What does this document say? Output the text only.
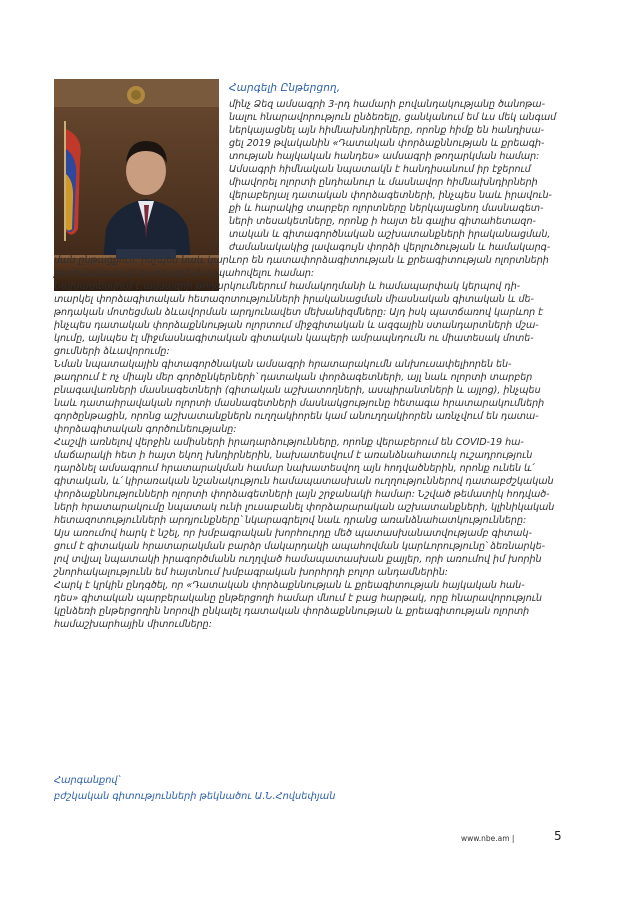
Հարգելի Ընթերցող,
մինչ Ձեզ ամսագրի 3-րդ համարի բովանդակությանը ծանոթա-
նալու հնարավորություն ընձեռելը, ցանկանում եմ ևս մեկ անգամ
ներկայացնել այն հիմնախնդիրները, որոնք հիմք են հանդիսա-
ցել 2019 թվականին «Դատական փորձաքննության և քրեագի-
տության հայկական հանդես» ամսագրի թողարկման համար:
Ամսագրի հիմնական նպատակն է հանդիսանում իր էջերում
միավորել ոլորտի ընդհանուր և մասնավոր հիմնախնդիրների
վերաբերյալ դատական փորձագետների, ինչպես նաև իրավուն-
քի և հարակից տարբեր ոլորտները ներկայացնող մասնագետ-
ների տեսակետները, որոնք ի հայտ են գալիս գիտահետազո-
տական և գիտագործնական աշխատանքների իրականացման,
ժամանակակից լավագույն փորձի վերլուծության և համակարգ-
ման ընթացքում, ինչպես նաև կարևոր են դատափորձագիտության և քրեագիտության ոլորտների
շարունակական զարգացման ապահովելու համար:
Նախատեսվում է ամսագրի թողարկումներում համակողմանի և համապարփակ կերպով դի-
տարկել փորձագիտական հետազոտությունների իրականացման միասնական գիտական և մե-
թոդական մոտեցման ձևավորման արդյունավետ մեխանիզմները: Այդ իսկ պատճառով կարևոր է
ինչպես դատական փորձաքննության ոլորտում միջգիտական և ազգային ստանդարտների մշա-
կումը, այնպես էլ միջմասնագիտական գիտական կապերի ամրապնդումն ու միատեսակ մոտե-
ցումների ձևավորումը:
Նման նպատակային գիտագործնական ամսագրի հրատարակումն անխուսափելիորեն են-
թադրում է ոչ միայն մեր գործընկերների՝ դատական փորձագետների, այլ նաև ոլորտի տարբեր
բնագավառների մասնագետների (գիտական աշխատողների, ասպիրանտների և այլոց), ինչպես
նաև դատաիրավական ոլորտի մասնագետների մասնակցությունը հետագա հրատարակումների
գործընթացին, որոնց աշխատանքներն ուղղակիորեն կամ անուղղակիորեն առնչվում են դատա-
փորձագիտական գործունեությանը:
Հաշվի առնելով վերջին ամիսների իրադարձությունները, որոնք վերաբերում են COVID-19 հա-
մաճարակի հետ ի հայտ եկող խնդիրներին, նախատեսվում է առանձնահատուկ ուշադրություն
դարձնել ամսագրում հրատարակման համար նախատեսվող այն հոդվածներին, որոնք ունեն և՛
գիտական, և՛ կիրառական նշանակություն համապատասխան ուղղություններով դատաբժշկական
փորձաքննությունների ոլորտի փորձագետների լայն շրջանակի համար: Նշված թեմատիկ հոդված-
ների հրատարակումը նպատակ ունի լուսաբանել փորձարարական աշխատանքների, կլինիկական
հետազոտությունների արդյունքները՝ նկարագրելով նաև դրանց առանձնահատկությունները:
Այս առումով հարկ է նշել, որ խմբագրական խորհուրդը մեծ պատասխանատվությամբ գիտակ-
ցում է գիտական հրատարակման բարձր մակարդակի ապահովման կարևորությունը՝ ձեռնարկե-
լով տվյալ նպատակի իրագործմանն ուղղված համապատասխան քայլեր, որի առումով իմ խորին
շնորհակալությունն եմ հայտնում խմբագրական խորհրդի բոլոր անդամներին:
Հարկ է կրկին ընդգծել, որ «Դատական փորձաքննության և քրեագիտության հայկական հան-
դես» գիտական պարբերականը ընթերցողի համար մնում է բաց հարթակ, որը հնարավորություն
կընձեռի ընթերցողին նորովի ընկալել դատական փորձաքննության և քրեագիտության ոլորտի
համաշխարհային միտումները:
Հարգանքով՝
բժշկական գիտությունների թեկնածու Ա.Ն.Հովսեփյան
www.nbe.am |	5
